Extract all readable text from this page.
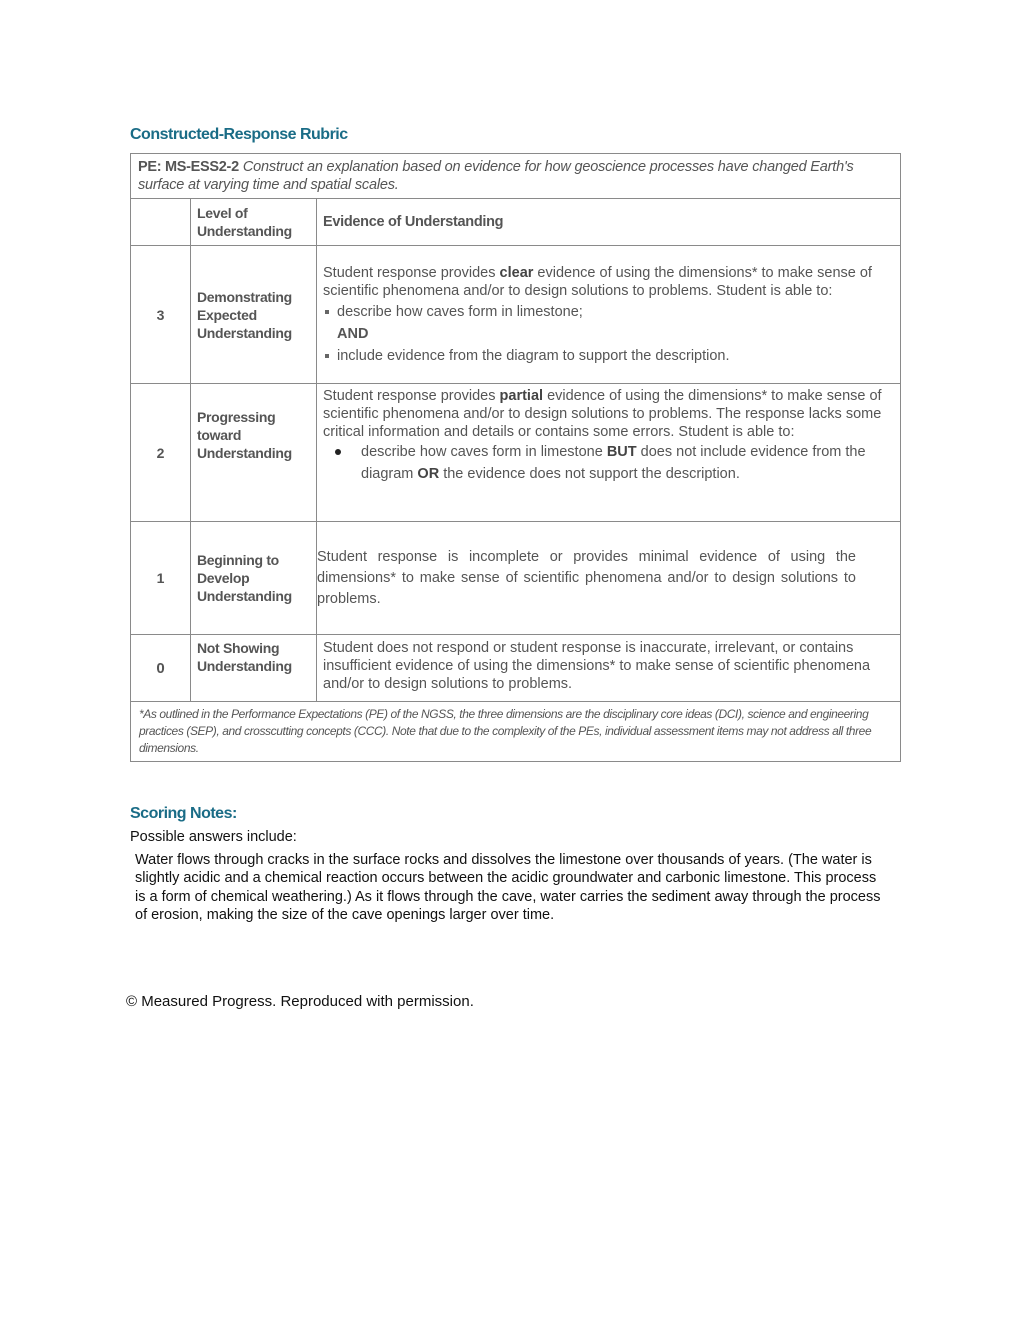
Constructed-Response Rubric
PE: MS-ESS2-2 Construct an explanation based on evidence for how geoscience processes have changed Earth's surface at varying time and spatial scales.		
	Level of Understanding	Evidence of Understanding
3	Demonstrating Expected Understanding	
Student response provides clear evidence of using the dimensions* to make sense of scientific phenomena and/or to design solutions to problems. Student is able to:
describe how caves form in limestone;
AND
include evidence from the diagram to support the description.

2	Progressing toward Understanding	
Student response provides partial evidence of using the dimensions* to make sense of scientific phenomena and/or to design solutions to problems. The response lacks some critical information and details or contains some errors. Student is able to:
describe how caves form in limestone BUT does not include evidence from the diagram OR the evidence does not support the description.

1	Beginning to Develop Understanding	Student response is incomplete or provides minimal evidence of using the dimensions* to make sense of scientific phenomena and/or to design solutions to problems.
0	Not Showing Understanding	Student does not respond or student response is inaccurate, irrelevant, or contains insufficient evidence of using the dimensions* to make sense of scientific phenomena and/or to design solutions to problems.
*As outlined in the Performance Expectations (PE) of the NGSS, the three dimensions are the disciplinary core ideas (DCI), science and engineering practices (SEP), and crosscutting concepts (CCC). Note that due to the complexity of the PEs, individual assessment items may not address all three dimensions.		
Scoring Notes:
Possible answers include:
Water flows through cracks in the surface rocks and dissolves the limestone over thousands of years. (The water is slightly acidic and a chemical reaction occurs between the acidic groundwater and carbonic limestone. This process is a form of chemical weathering.) As it flows through the cave, water carries the sediment away through the process of erosion, making the size of the cave openings larger over time.
© Measured Progress. Reproduced with permission.
